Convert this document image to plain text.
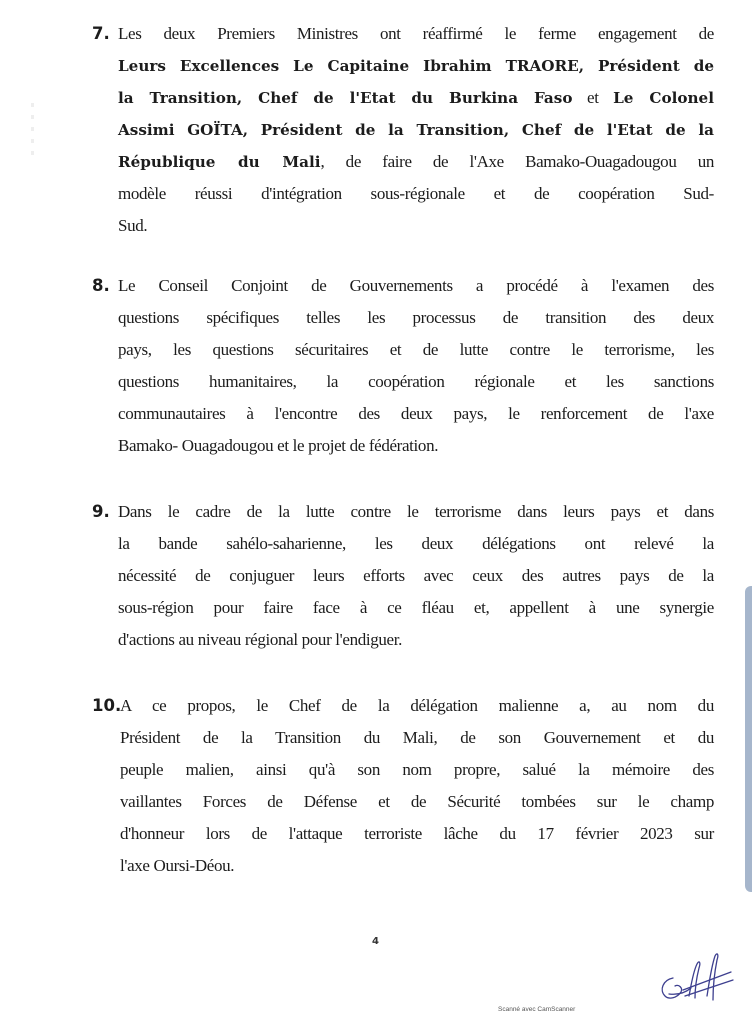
7. Les deux Premiers Ministres ont réaffirmé le ferme engagement de
Leurs Excellences Le Capitaine Ibrahim TRAORE, Président de
la Transition, Chef de l'Etat du Burkina Faso et Le Colonel
Assimi GOÏTA, Président de la Transition, Chef de l'Etat de la
République du Mali, de faire de l'Axe Bamako-Ouagadougou un
modèle réussi d'intégration sous-régionale et de coopération Sud-
Sud.
8. Le Conseil Conjoint de Gouvernements a procédé à l'examen des
questions spécifiques telles les processus de transition des deux
pays, les questions sécuritaires et de lutte contre le terrorisme, les
questions humanitaires, la coopération régionale et les sanctions
communautaires à l'encontre des deux pays, le renforcement de l'axe
Bamako- Ouagadougou et le projet de fédération.
9. Dans le cadre de la lutte contre le terrorisme dans leurs pays et dans
la bande sahélo-saharienne, les deux délégations ont relevé la
nécessité de conjuguer leurs efforts avec ceux des autres pays de la
sous-région pour faire face à ce fléau et, appellent à une synergie
d'actions au niveau régional pour l'endiguer.
10.
A ce propos, le Chef de la délégation malienne a, au nom du
Président de la Transition du Mali, de son Gouvernement et du
peuple malien, ainsi qu'à son nom propre, salué la mémoire des
vaillantes Forces de Défense et de Sécurité tombées sur le champ
d'honneur lors de l'attaque terroriste lâche du 17 février 2023 sur
l'axe Oursi-Déou.
4
Scanné avec CamScanner
